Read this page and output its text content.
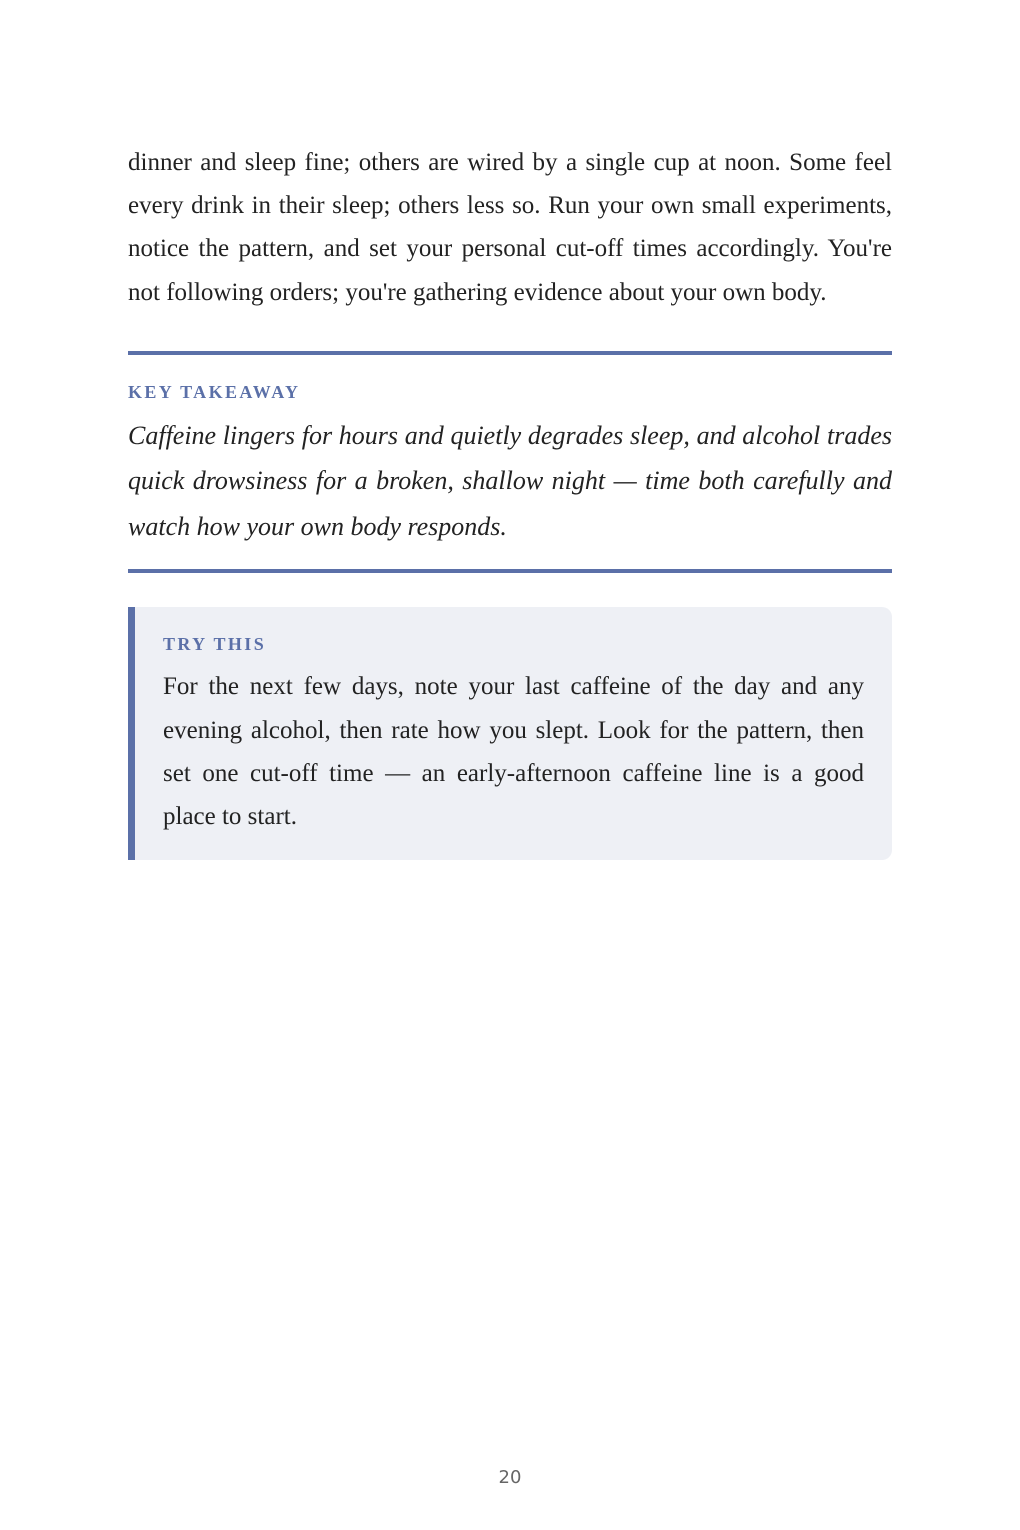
dinner and sleep fine; others are wired by a single cup at noon. Some feel every drink in their sleep; others less so. Run your own small experiments, notice the pattern, and set your personal cut-off times accordingly. You're not following orders; you're gathering evidence about your own body.

KEY TAKEAWAY

Caffeine lingers for hours and quietly degrades sleep, and alcohol trades quick drowsiness for a broken, shallow night — time both carefully and watch how your own body responds.

TRY THIS

For the next few days, note your last caffeine of the day and any evening alcohol, then rate how you slept. Look for the pattern, then set one cut-off time — an early-afternoon caffeine line is a good place to start.

20
